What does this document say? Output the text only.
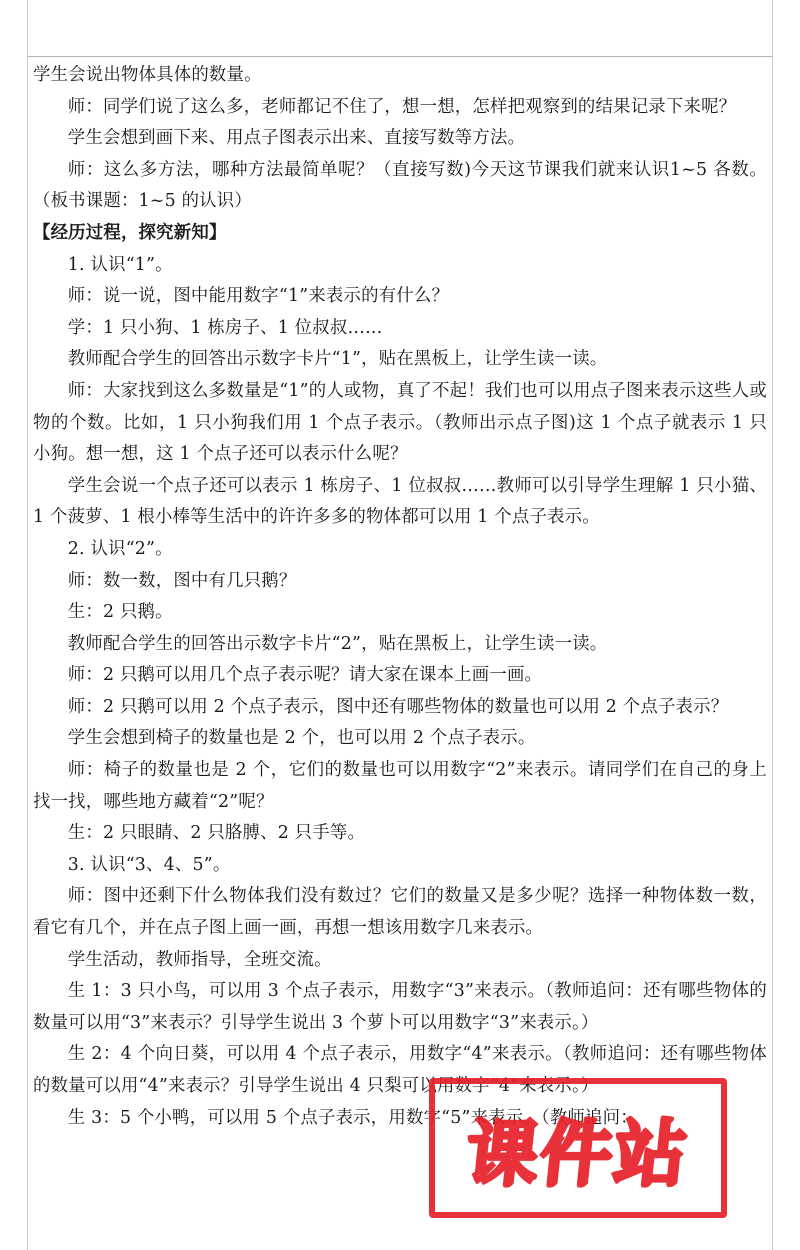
学生会说出物体具体的数量。

师：同学们说了这么多，老师都记不住了，想一想，怎样把观察到的结果记录下来呢？

学生会想到画下来、用点子图表示出来、直接写数等方法。

师：这么多方法，哪种方法最简单呢？（直接写数)今天这节课我们就来认识1~5 各数。（板书课题：1~5 的认识）

【经历过程，探究新知】

1. 认识“1”。

师：说一说，图中能用数字“1”来表示的有什么？

学：1 只小狗、1 栋房子、1 位叔叔……

教师配合学生的回答出示数字卡片“1”，贴在黑板上，让学生读一读。

师：大家找到这么多数量是“1”的人或物，真了不起！我们也可以用点子图来表示这些人或物的个数。比如，1 只小狗我们用 1 个点子表示。（教师出示点子图)这 1 个点子就表示 1 只小狗。想一想，这 1 个点子还可以表示什么呢？

学生会说一个点子还可以表示 1 栋房子、1 位叔叔……教师可以引导学生理解 1 只小猫、1 个菠萝、1 根小棒等生活中的许许多多的物体都可以用 1 个点子表示。

2. 认识“2”。

师：数一数，图中有几只鹅？

生：2 只鹅。

教师配合学生的回答出示数字卡片“2”，贴在黑板上，让学生读一读。

师：2 只鹅可以用几个点子表示呢？请大家在课本上画一画。

师：2 只鹅可以用 2 个点子表示，图中还有哪些物体的数量也可以用 2 个点子表示？

学生会想到椅子的数量也是 2 个，也可以用 2 个点子表示。

师：椅子的数量也是 2 个，它们的数量也可以用数字“2”来表示。请同学们在自己的身上找一找，哪些地方藏着“2”呢？

生：2 只眼睛、2 只胳膊、2 只手等。

3. 认识“3、4、5”。

师：图中还剩下什么物体我们没有数过？它们的数量又是多少呢？选择一种物体数一数，看它有几个，并在点子图上画一画，再想一想该用数字几来表示。

学生活动，教师指导，全班交流。

生 1：3 只小鸟，可以用 3 个点子表示，用数字“3”来表示。（教师追问：还有哪些物体的数量可以用“3”来表示？引导学生说出 3 个萝卜可以用数字“3”来表示。）

生 2：4 个向日葵，可以用 4 个点子表示，用数字“4”来表示。（教师追问：还有哪些物体的数量可以用“4”来表示？引导学生说出 4 只梨可以用数字“4”来表示。）

生 3：5 个小鸭，可以用 5 个点子表示，用数字“5”来表示。（教师追问：

课件站
